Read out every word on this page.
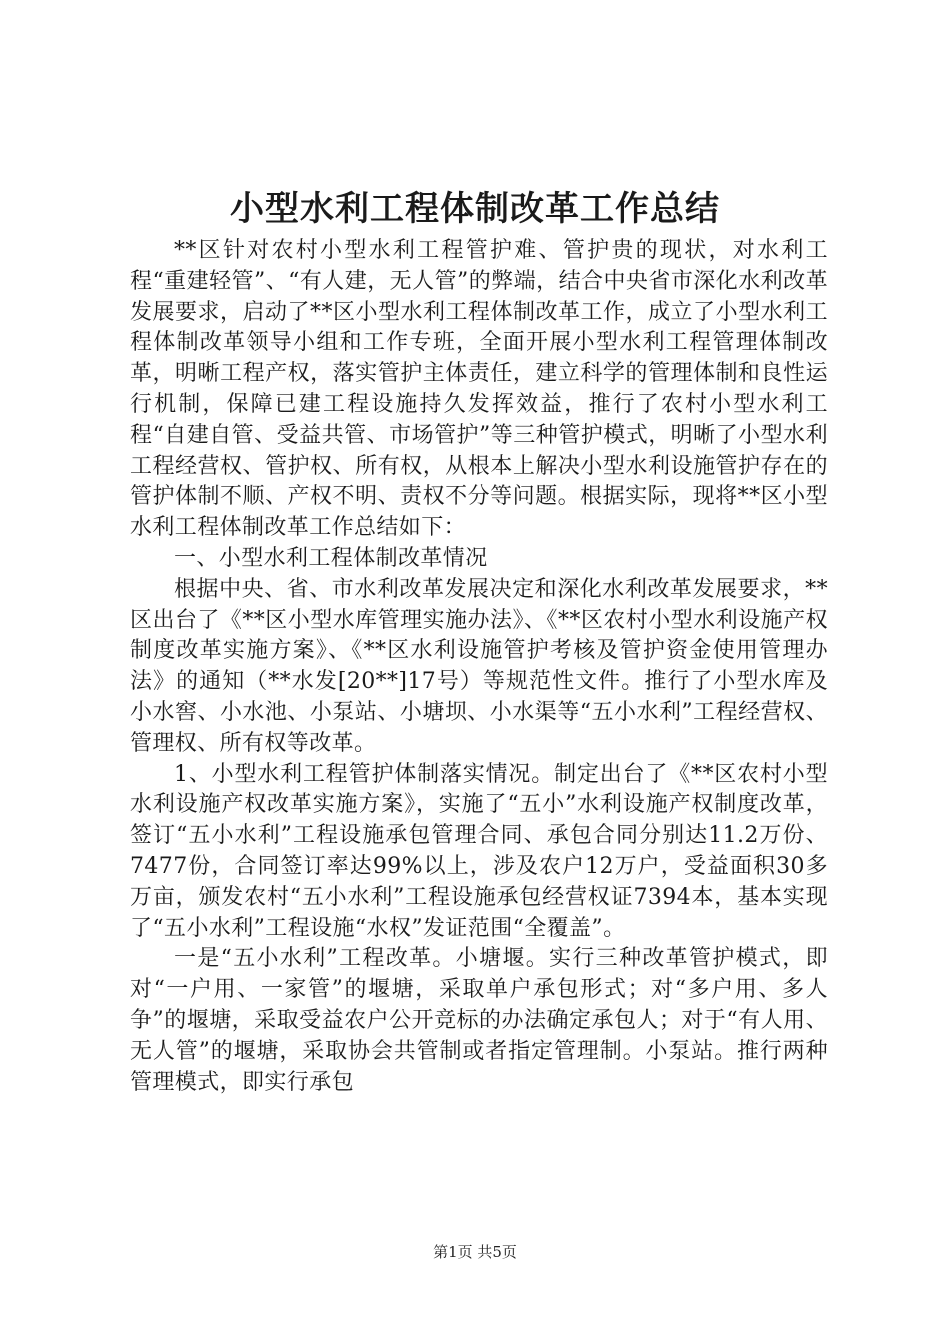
小型水利工程体制改革工作总结

**区针对农村小型水利工程管护难、管护贵的现状，对水利工程“重建轻管”、“有人建，无人管”的弊端，结合中央省市深化水利改革发展要求，启动了**区小型水利工程体制改革工作，成立了小型水利工程体制改革领导小组和工作专班，全面开展小型水利工程管理体制改革，明晰工程产权，落实管护主体责任，建立科学的管理体制和良性运行机制，保障已建工程设施持久发挥效益，推行了农村小型水利工程“自建自管、受益共管、市场管护”等三种管护模式，明晰了小型水利工程经营权、管护权、所有权，从根本上解决小型水利设施管护存在的管护体制不顺、产权不明、责权不分等问题。根据实际，现将**区小型水利工程体制改革工作总结如下：

一、小型水利工程体制改革情况

根据中央、省、市水利改革发展决定和深化水利改革发展要求，**区出台了《**区小型水库管理实施办法》、《**区农村小型水利设施产权制度改革实施方案》、《**区水利设施管护考核及管护资金使用管理办法》的通知（**水发[20**]17号）等规范性文件。推行了小型水库及小水窖、小水池、小泵站、小塘坝、小水渠等“五小水利”工程经营权、管理权、所有权等改革。

1、小型水利工程管护体制落实情况。制定出台了《**区农村小型水利设施产权改革实施方案》，实施了“五小”水利设施产权制度改革，签订“五小水利”工程设施承包管理合同、承包合同分别达11.2万份、7477份，合同签订率达99%以上，涉及农户12万户，受益面积30多万亩，颁发农村“五小水利”工程设施承包经营权证7394本，基本实现了“五小水利”工程设施“水权”发证范围“全覆盖”。

一是“五小水利”工程改革。小塘堰。实行三种改革管护模式，即对“一户用、一家管”的堰塘，采取单户承包形式；对“多户用、多人争”的堰塘，采取受益农户公开竞标的办法确定承包人；对于“有人用、无人管”的堰塘，采取协会共管制或者指定管理制。小泵站。推行两种管理模式，即实行承包

第1页 共5页
